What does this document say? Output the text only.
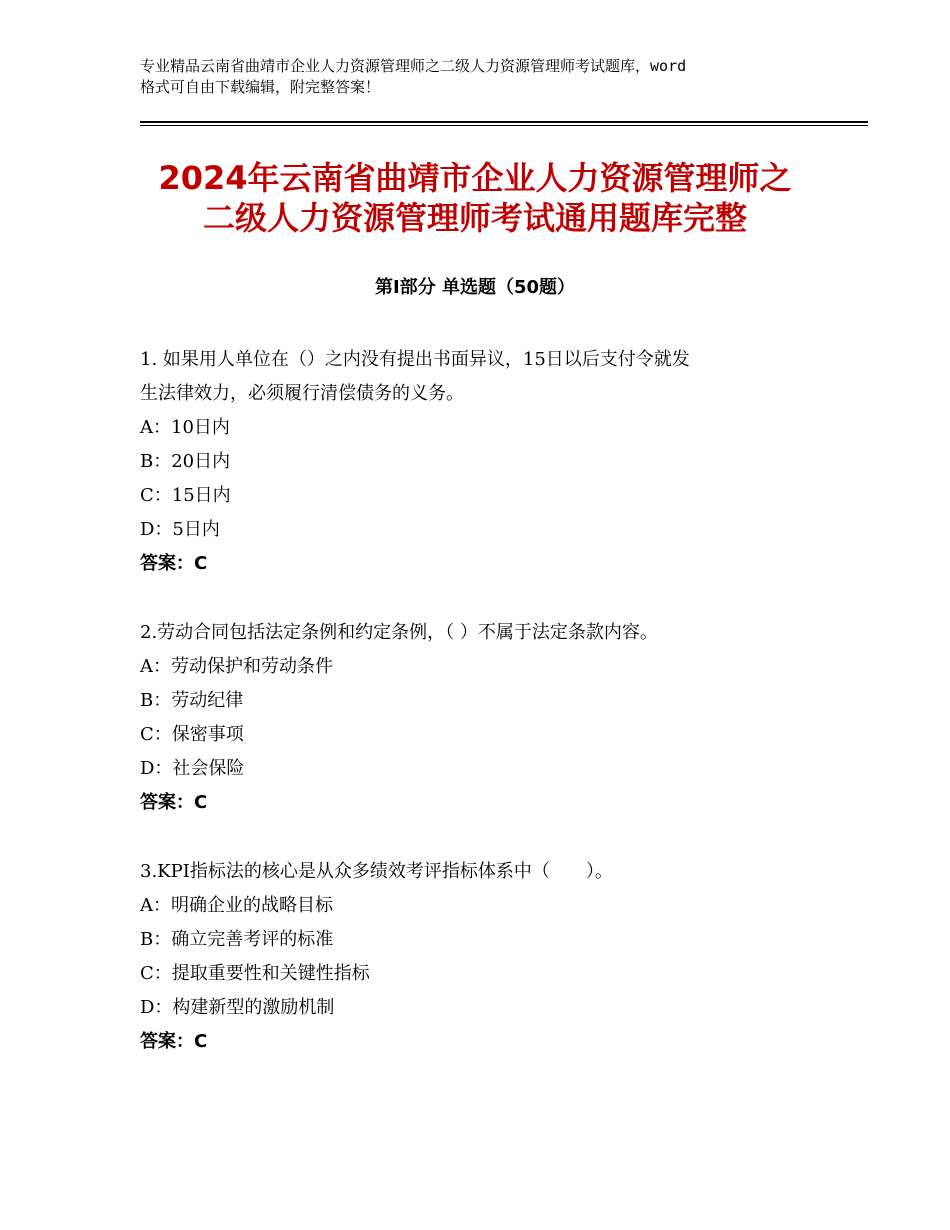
专业精品云南省曲靖市企业人力资源管理师之二级人力资源管理师考试题库，word
格式可自由下载编辑，附完整答案！
2024年云南省曲靖市企业人力资源管理师之
二级人力资源管理师考试通用题库完整
第Ⅰ部分 单选题（50题）
1. 如果用人单位在（）之内没有提出书面异议，15日以后支付令就发
生法律效力，必须履行清偿债务的义务。
A：10日内
B：20日内
C：15日内
D：5日内
答案：C
2.劳动合同包括法定条例和约定条例，（ ）不属于法定条款内容。
A：劳动保护和劳动条件
B：劳动纪律
C：保密事项
D：社会保险
答案：C
3.KPI指标法的核心是从众多绩效考评指标体系中（　　）。
A：明确企业的战略目标
B：确立完善考评的标准
C：提取重要性和关键性指标
D：构建新型的激励机制
答案：C
